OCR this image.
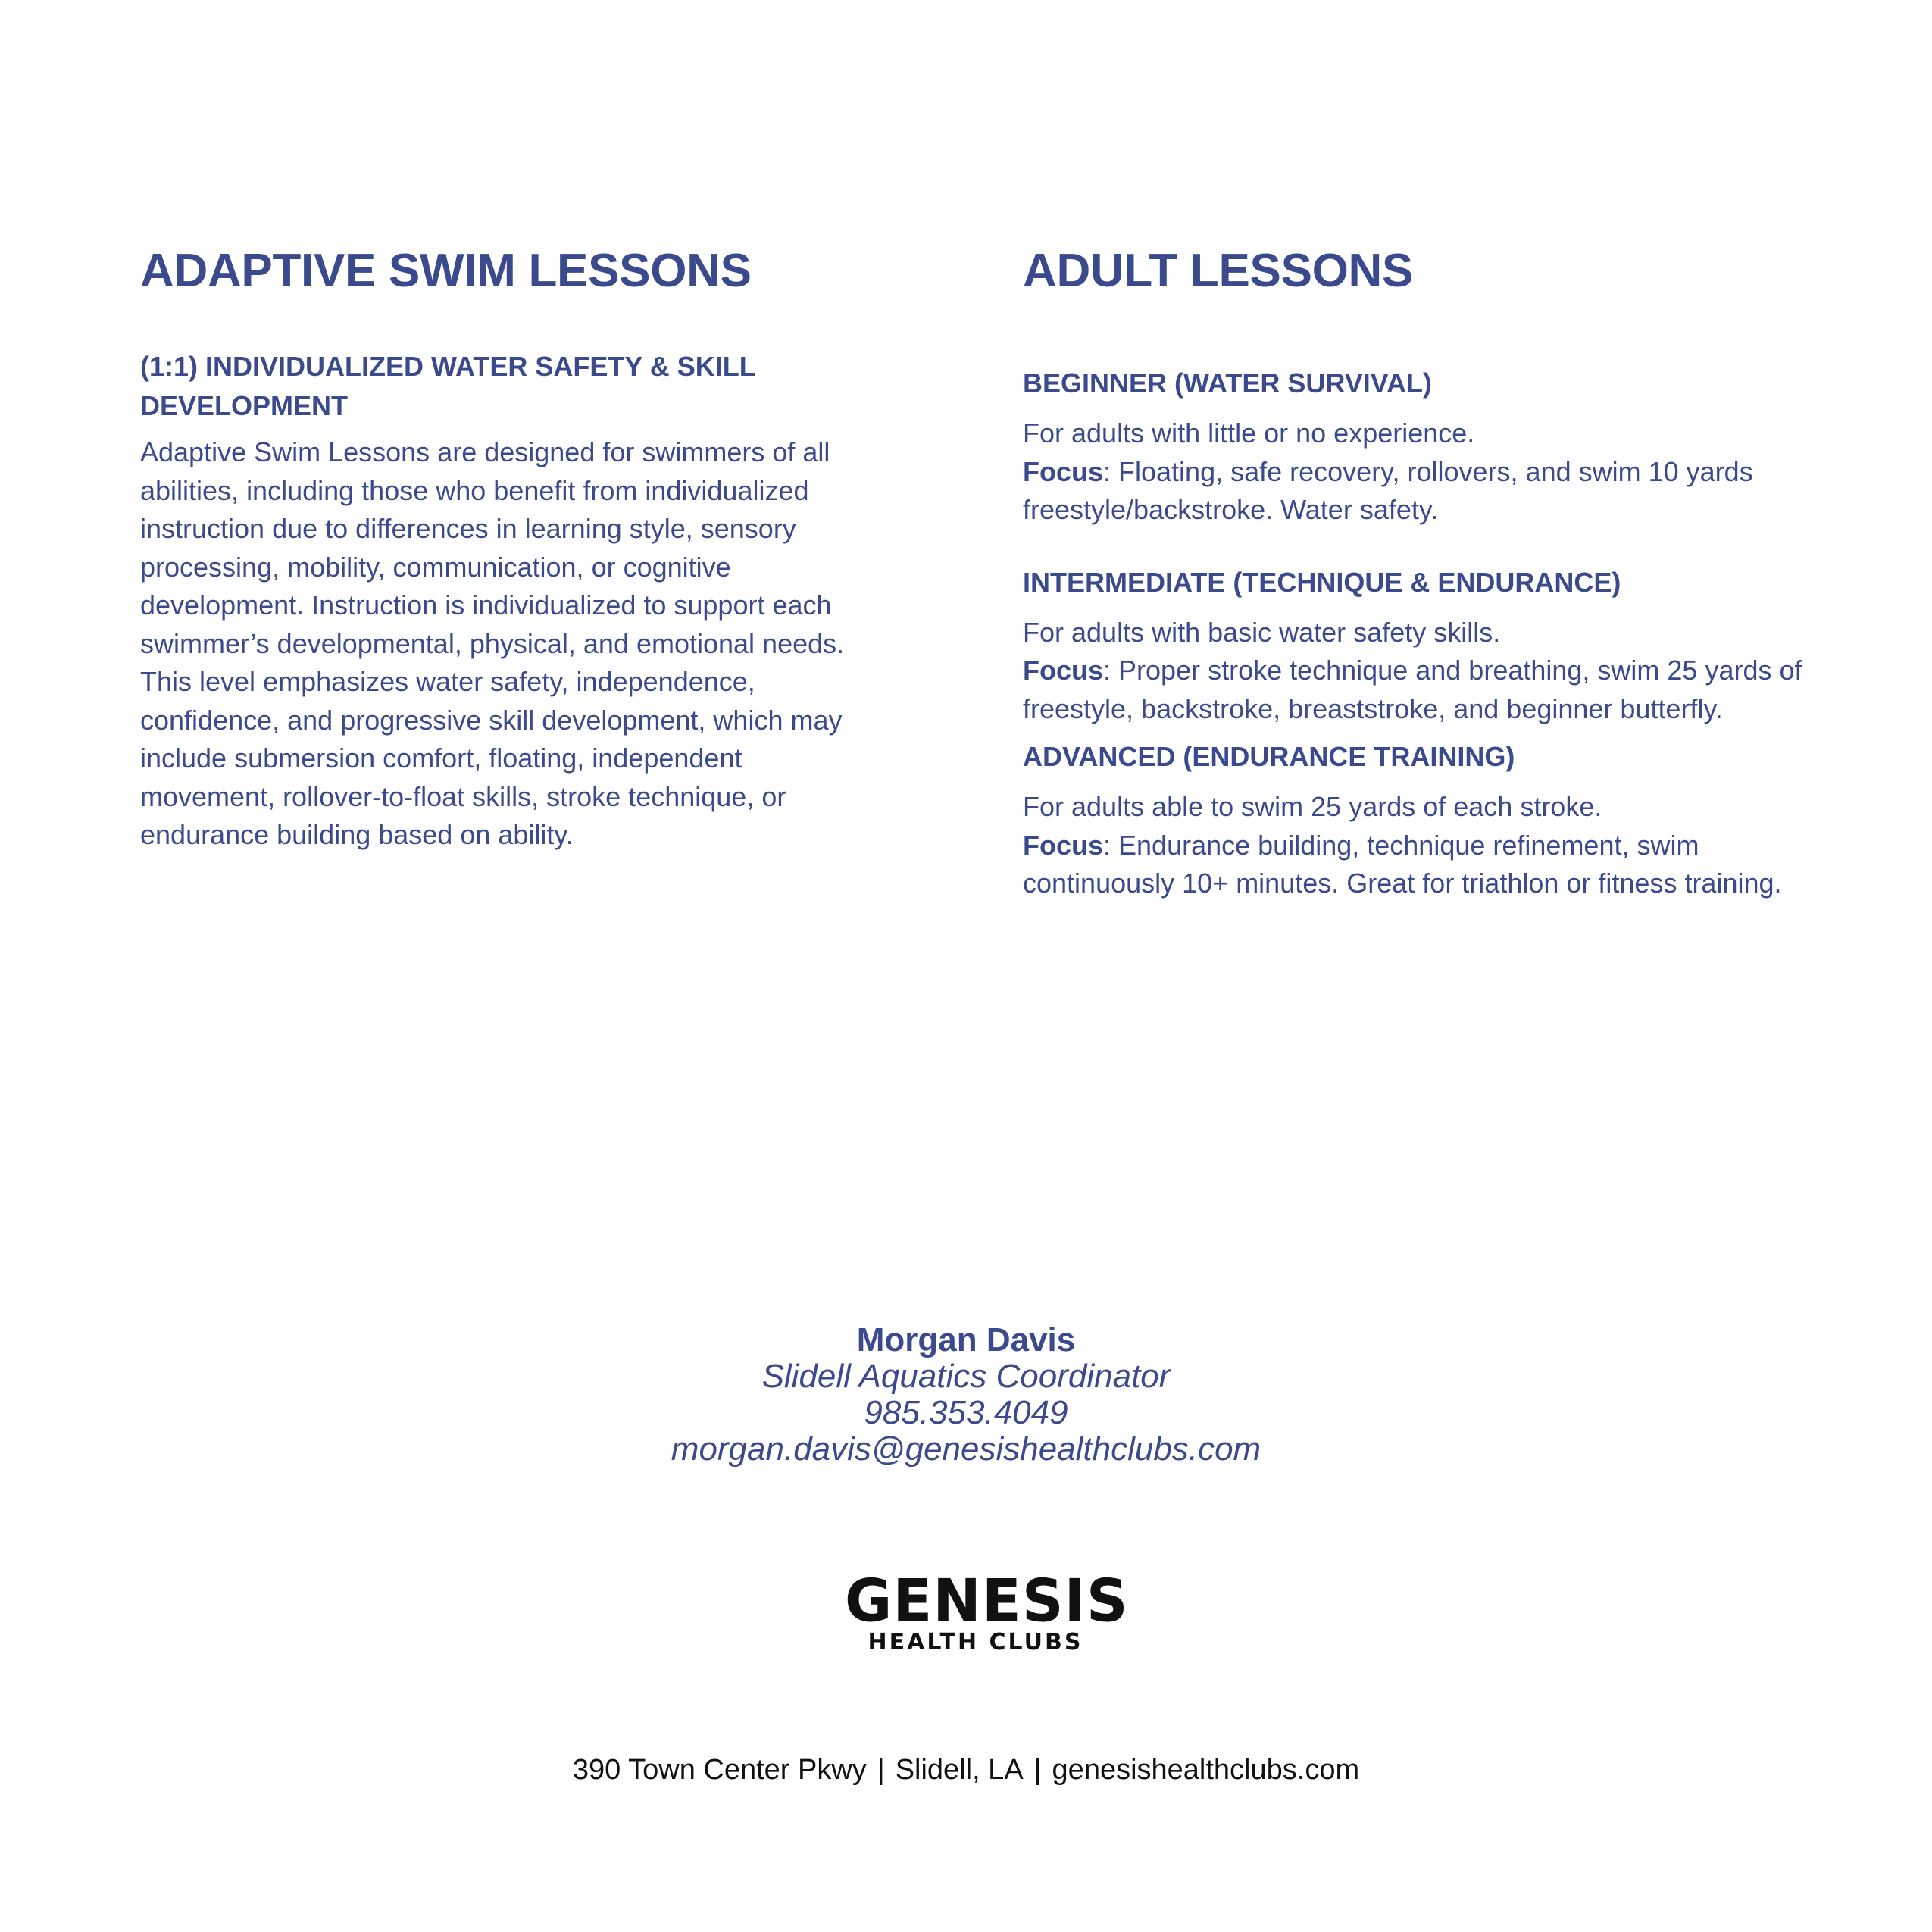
ADAPTIVE SWIM LESSONS
(1:1) INDIVIDUALIZED WATER SAFETY & SKILL DEVELOPMENT

Adaptive Swim Lessons are designed for swimmers of all abilities, including those who benefit from individualized instruction due to differences in learning style, sensory processing, mobility, communication, or cognitive development. Instruction is individualized to support each swimmer’s developmental, physical, and emotional needs. This level emphasizes water safety, independence, confidence, and progressive skill development, which may include submersion comfort, floating, independent movement, rollover-to-float skills, stroke technique, or endurance building based on ability.

ADULT LESSONS
BEGINNER (WATER SURVIVAL)

For adults with little or no experience.
Focus: Floating, safe recovery, rollovers, and swim 10 yards freestyle/backstroke. Water safety.

INTERMEDIATE (TECHNIQUE & ENDURANCE)

For adults with basic water safety skills.
Focus: Proper stroke technique and breathing, swim 25 yards of freestyle, backstroke, breaststroke, and beginner butterfly.

ADVANCED (ENDURANCE TRAINING)

For adults able to swim 25 yards of each stroke.
Focus: Endurance building, technique refinement, swim continuously 10+ minutes. Great for triathlon or fitness training.

Morgan Davis
Slidell Aquatics Coordinator
985.353.4049
morgan.davis@genesishealthclubs.com
GENESIS
HEALTH CLUBS
390 Town Center Pkwy | Slidell, LA | genesishealthclubs.com
